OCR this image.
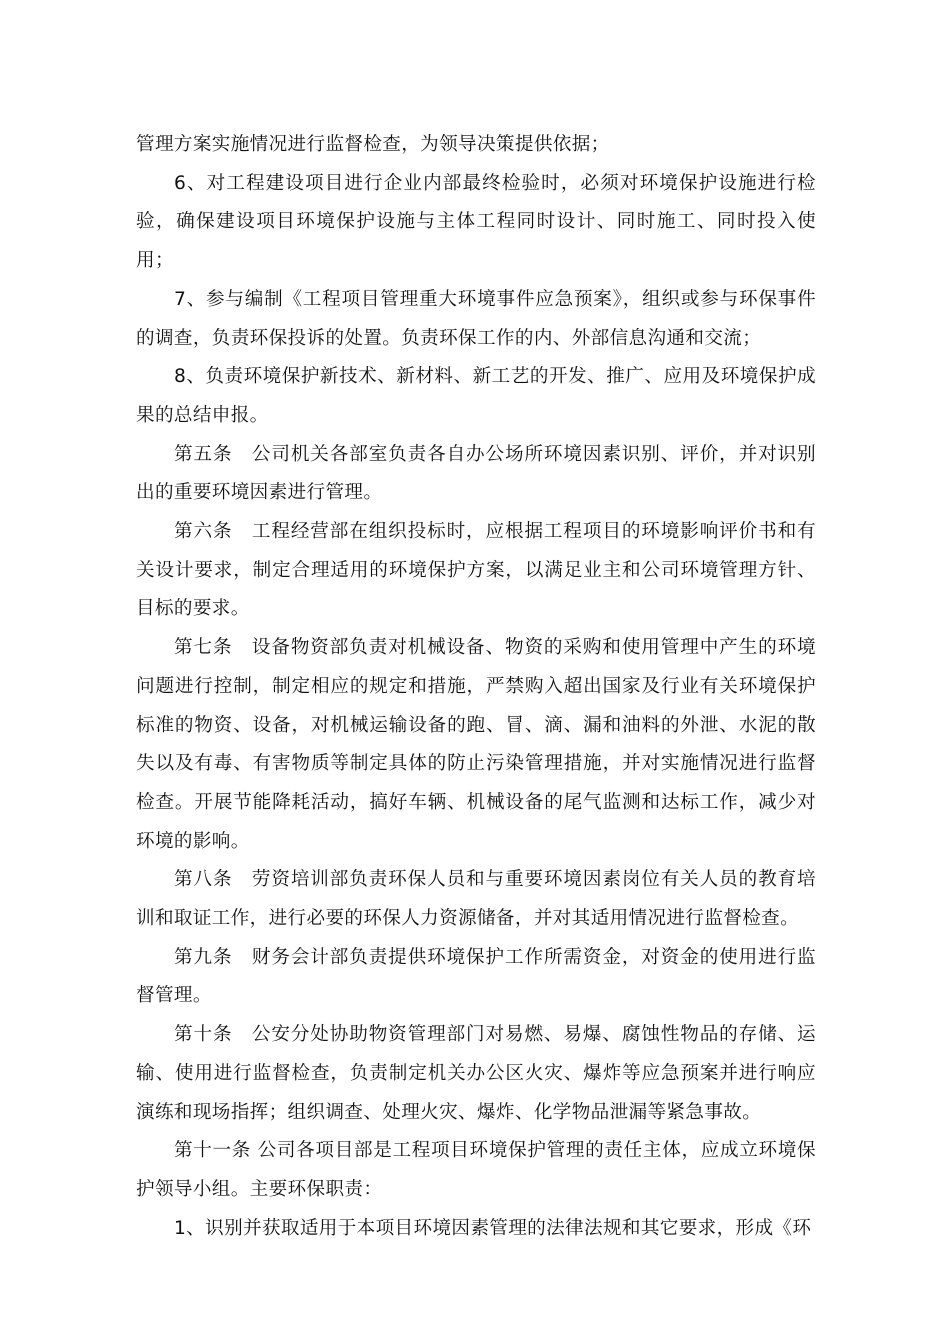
管理方案实施情况进行监督检查，为领导决策提供依据；

6、对工程建设项目进行企业内部最终检验时，必须对环境保护设施进行检验，确保建设项目环境保护设施与主体工程同时设计、同时施工、同时投入使用；

7、参与编制《工程项目管理重大环境事件应急预案》，组织或参与环保事件的调查，负责环保投诉的处置。负责环保工作的内、外部信息沟通和交流；

8、负责环境保护新技术、新材料、新工艺的开发、推广、应用及环境保护成果的总结申报。

第五条　公司机关各部室负责各自办公场所环境因素识别、评价，并对识别出的重要环境因素进行管理。

第六条　工程经营部在组织投标时，应根据工程项目的环境影响评价书和有关设计要求，制定合理适用的环境保护方案，以满足业主和公司环境管理方针、目标的要求。

第七条　设备物资部负责对机械设备、物资的采购和使用管理中产生的环境问题进行控制，制定相应的规定和措施，严禁购入超出国家及行业有关环境保护标准的物资、设备，对机械运输设备的跑、冒、滴、漏和油料的外泄、水泥的散失以及有毒、有害物质等制定具体的防止污染管理措施，并对实施情况进行监督检查。开展节能降耗活动，搞好车辆、机械设备的尾气监测和达标工作，减少对环境的影响。

第八条　劳资培训部负责环保人员和与重要环境因素岗位有关人员的教育培训和取证工作，进行必要的环保人力资源储备，并对其适用情况进行监督检查。

第九条　财务会计部负责提供环境保护工作所需资金，对资金的使用进行监督管理。

第十条　公安分处协助物资管理部门对易燃、易爆、腐蚀性物品的存储、运输、使用进行监督检查，负责制定机关办公区火灾、爆炸等应急预案并进行响应演练和现场指挥；组织调查、处理火灾、爆炸、化学物品泄漏等紧急事故。

第十一条 公司各项目部是工程项目环境保护管理的责任主体，应成立环境保护领导小组。主要环保职责：

1、识别并获取适用于本项目环境因素管理的法律法规和其它要求，形成《环
